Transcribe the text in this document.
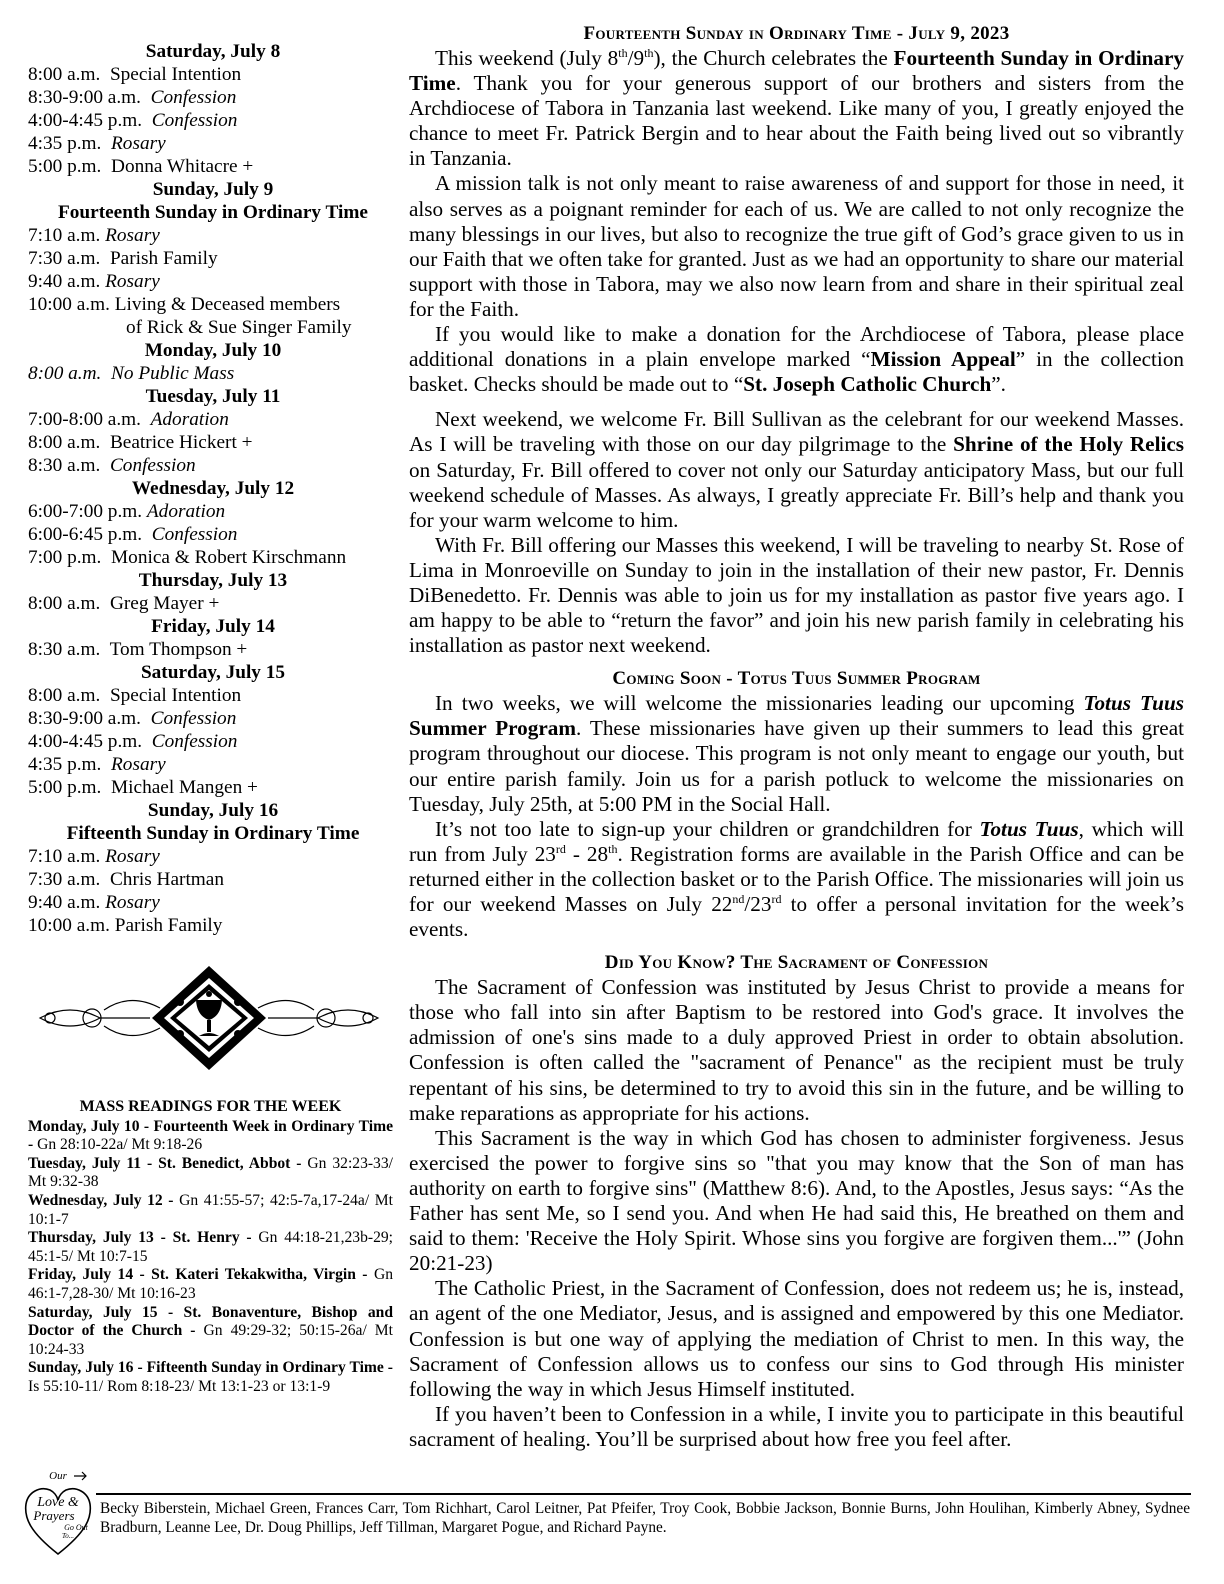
Saturday, July 8
8:00 a.m.  Special Intention
8:30-9:00 a.m.  Confession
4:00-4:45 p.m.  Confession
4:35 p.m.  Rosary
5:00 p.m.  Donna Whitacre +
Sunday, July 9
Fourteenth Sunday in Ordinary Time
7:10 a.m. Rosary
7:30 a.m.  Parish Family
9:40 a.m. Rosary
10:00 a.m. Living & Deceased members
of Rick & Sue Singer Family
Monday, July 10
8:00 a.m.  No Public Mass
Tuesday, July 11
7:00-8:00 a.m.  Adoration
8:00 a.m.  Beatrice Hickert +
8:30 a.m.  Confession
Wednesday, July 12
6:00-7:00 p.m. Adoration
6:00-6:45 p.m.  Confession
7:00 p.m.  Monica & Robert Kirschmann
Thursday, July 13
8:00 a.m.  Greg Mayer +
Friday, July 14
8:30 a.m.  Tom Thompson +
Saturday, July 15
8:00 a.m.  Special Intention
8:30-9:00 a.m.  Confession
4:00-4:45 p.m.  Confession
4:35 p.m.  Rosary
5:00 p.m.  Michael Mangen +
Sunday, July 16
Fifteenth Sunday in Ordinary Time
7:10 a.m. Rosary
7:30 a.m.  Chris Hartman
9:40 a.m. Rosary
10:00 a.m. Parish Family
MASS READINGS FOR THE WEEK
Monday, July 10 - Fourteenth Week in Ordinary Time - Gn 28:10-22a/ Mt 9:18-26
Tuesday, July 11 - St. Benedict, Abbot - Gn 32:23-33/ Mt 9:32-38
Wednesday, July 12 - Gn 41:55-57; 42:5-7a,17-24a/ Mt 10:1-7
Thursday, July 13 - St. Henry - Gn 44:18-21,23b-29; 45:1-5/ Mt 10:7-15
Friday, July 14 - St. Kateri Tekakwitha, Virgin - Gn 46:1-7,28-30/ Mt 10:16-23
Saturday, July 15 - St. Bonaventure, Bishop and Doctor of the Church - Gn 49:29-32; 50:15-26a/ Mt 10:24-33
Sunday, July 16 - Fifteenth Sunday in Ordinary Time - Is 55:10-11/ Rom 8:18-23/ Mt 13:1-23 or 13:1-9
Fourteenth Sunday in Ordinary Time - July 9, 2023

This weekend (July 8th/9th), the Church celebrates the Fourteenth Sunday in Ordinary Time. Thank you for your generous support of our brothers and sisters from the Archdiocese of Tabora in Tanzania last weekend. Like many of you, I greatly enjoyed the chance to meet Fr. Patrick Bergin and to hear about the Faith being lived out so vibrantly in Tanzania.

A mission talk is not only meant to raise awareness of and support for those in need, it also serves as a poignant reminder for each of us. We are called to not only recognize the many blessings in our lives, but also to recognize the true gift of God’s grace given to us in our Faith that we often take for granted. Just as we had an opportunity to share our material support with those in Tabora, may we also now learn from and share in their spiritual zeal for the Faith.

If you would like to make a donation for the Archdiocese of Tabora, please place additional donations in a plain envelope marked “Mission Appeal” in the collection basket. Checks should be made out to “St. Joseph Catholic Church”.

Next weekend, we welcome Fr. Bill Sullivan as the celebrant for our weekend Masses. As I will be traveling with those on our day pilgrimage to the Shrine of the Holy Relics on Saturday, Fr. Bill offered to cover not only our Saturday anticipatory Mass, but our full weekend schedule of Masses. As always, I greatly appreciate Fr. Bill’s help and thank you for your warm welcome to him.

With Fr. Bill offering our Masses this weekend, I will be traveling to nearby St. Rose of Lima in Monroeville on Sunday to join in the installation of their new pastor, Fr. Dennis DiBenedetto. Fr. Dennis was able to join us for my installation as pastor five years ago. I am happy to be able to “return the favor” and join his new parish family in celebrating his installation as pastor next weekend.

Coming Soon - Totus Tuus Summer Program

In two weeks, we will welcome the missionaries leading our upcoming Totus Tuus Summer Program. These missionaries have given up their summers to lead this great program throughout our diocese. This program is not only meant to engage our youth, but our entire parish family. Join us for a parish potluck to welcome the missionaries on Tuesday, July 25th, at 5:00 PM in the Social Hall.

It’s not too late to sign-up your children or grandchildren for Totus Tuus, which will run from July 23rd - 28th. Registration forms are available in the Parish Office and can be returned either in the collection basket or to the Parish Office. The missionaries will join us for our weekend Masses on July 22nd/23rd to offer a personal invitation for the week’s events.

Did You Know? The Sacrament of Confession

The Sacrament of Confession was instituted by Jesus Christ to provide a means for those who fall into sin after Baptism to be restored into God's grace. It involves the admission of one's sins made to a duly approved Priest in order to obtain absolution. Confession is often called the "sacrament of Penance" as the recipient must be truly repentant of his sins, be determined to try to avoid this sin in the future, and be willing to make reparations as appropriate for his actions.

This Sacrament is the way in which God has chosen to administer forgiveness. Jesus exercised the power to forgive sins so "that you may know that the Son of man has authority on earth to forgive sins" (Matthew 8:6). And, to the Apostles, Jesus says: “As the Father has sent Me, so I send you. And when He had said this, He breathed on them and said to them: 'Receive the Holy Spirit. Whose sins you forgive are forgiven them...'” (John 20:21-23)

The Catholic Priest, in the Sacrament of Confession, does not redeem us; he is, instead, an agent of the one Mediator, Jesus, and is assigned and empowered by this one Mediator. Confession is but one way of applying the mediation of Christ to men. In this way, the Sacrament of Confession allows us to confess our sins to God through His minister following the way in which Jesus Himself instituted.

If you haven’t been to Confession in a while, I invite you to participate in this beautiful sacrament of healing. You’ll be surprised about how free you feel after.

Our
Love &
Prayers
Go Out
To...
Becky Biberstein, Michael Green, Frances Carr, Tom Richhart, Carol Leitner, Pat Pfeifer, Troy Cook, Bobbie Jackson, Bonnie Burns, John Houlihan, Kimberly Abney, Sydnee Bradburn, Leanne Lee, Dr. Doug Phillips, Jeff Tillman, Margaret Pogue, and Richard Payne.
